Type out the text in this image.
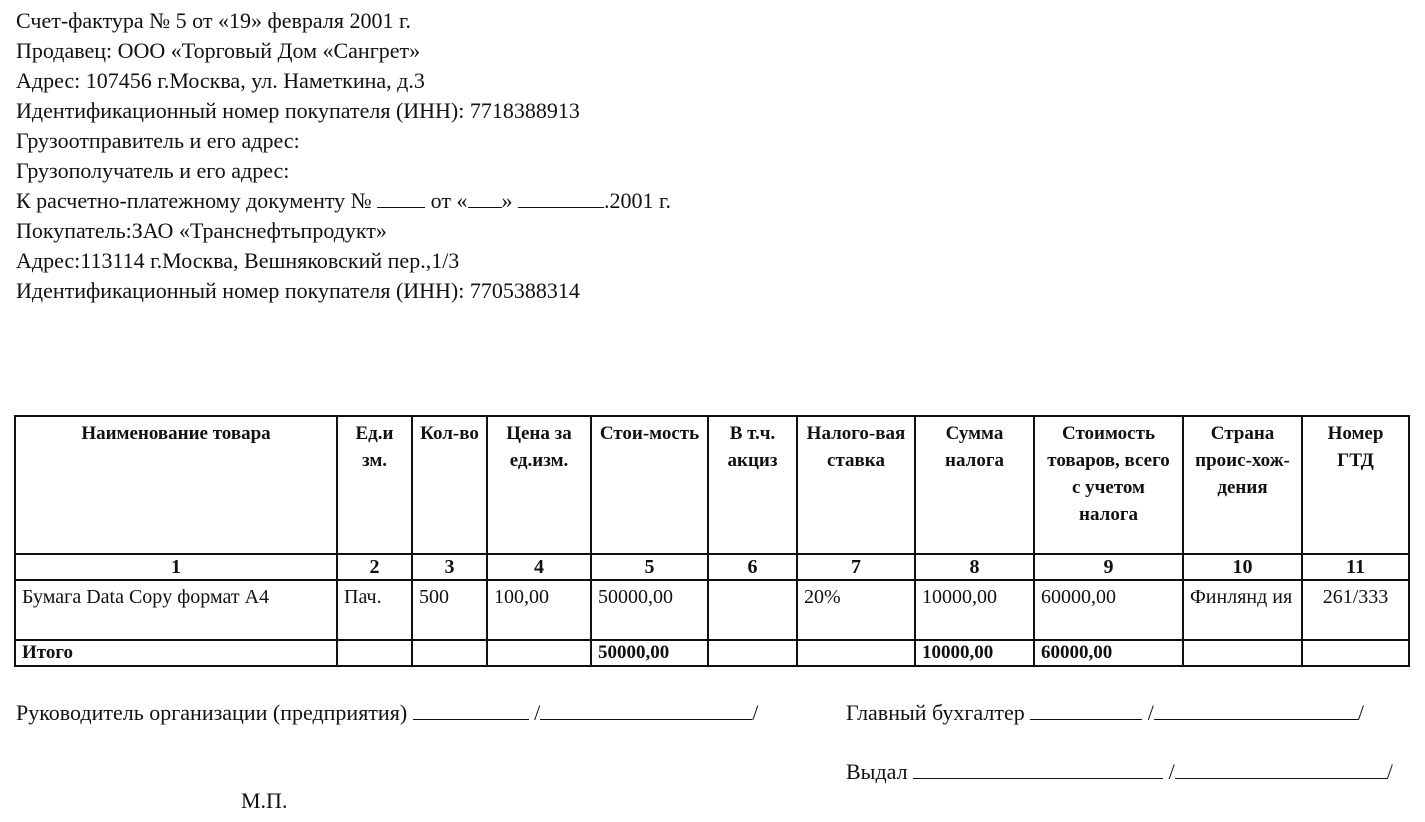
Счет-фактура № 5 от «19» февраля 2001 г.
Продавец: ООО «Торговый Дом «Сангрет»
Адрес: 107456 г.Москва, ул. Наметкина, д.3
Идентификационный номер покупателя (ИНН): 7718388913
Грузоотправитель и его адрес:
Грузополучатель и его адрес:
К расчетно-платежному документу №	от « »	.2001 г.
Покупатель:ЗАО «Транснефтьпродукт»
Адрес:113114 г.Москва, Вешняковский пер.,1/3
Идентификационный номер покупателя (ИНН): 7705388314
Наименование товара	Ед.и зм.	Кол-во	Цена за ед.изм.	Стои-мость	В т.ч. акциз	Налого-вая ставка	Сумма налога	Стоимость товаров, всего с учетом налога	Страна проис-хож-дения	Номер ГТД
1	2	3	4	5	6	7	8	9	10	11
Бумага Data Copy формат А4	Пач.	500	100,00	50000,00		20%	10000,00	60000,00	Финлянд ия	261/333
Итого				50000,00			10000,00	60000,00		
Руководитель организации (предприятия)	/	/	Главный бухгалтер	/	/
Выдал	/	/
М.П.
